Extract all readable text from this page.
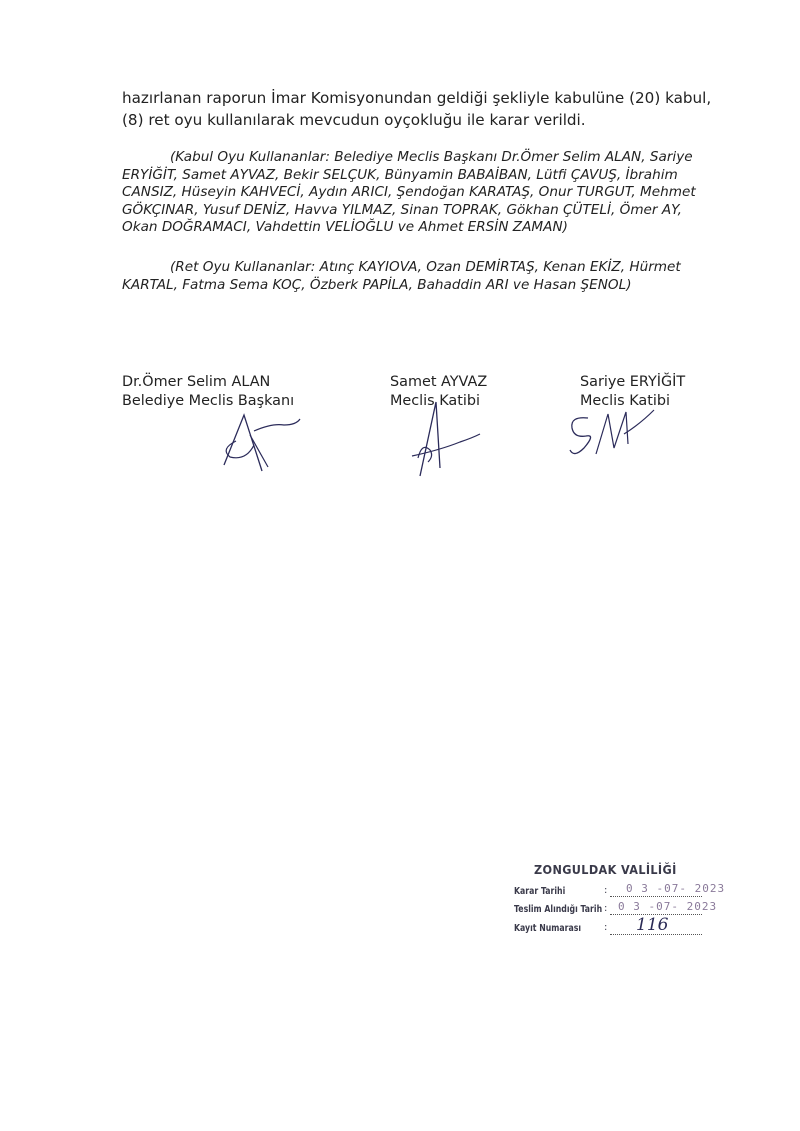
hazırlanan raporun İmar Komisyonundan geldiği şekliyle kabulüne (20) kabul,
(8) ret oyu kullanılarak mevcudun oyçokluğu ile karar verildi.
(Kabul Oyu Kullananlar: Belediye Meclis Başkanı Dr.Ömer Selim ALAN, Sariye
ERYİĞİT, Samet AYVAZ, Bekir SELÇUK, Bünyamin BABAİBAN, Lütfi ÇAVUŞ, İbrahim
CANSIZ, Hüseyin KAHVECİ, Aydın ARICI, Şendoğan KARATAŞ, Onur TURGUT, Mehmet
GÖKÇINAR, Yusuf DENİZ, Havva YILMAZ, Sinan TOPRAK, Gökhan ÇÜTELİ, Ömer AY,
Okan DOĞRAMACI, Vahdettin VELİOĞLU ve Ahmet ERSİN ZAMAN)
(Ret Oyu Kullananlar: Atınç KAYIOVA, Ozan DEMİRTAŞ, Kenan EKİZ, Hürmet
KARTAL, Fatma Sema KOÇ, Özberk PAPİLA, Bahaddin ARI ve Hasan ŞENOL)
Dr.Ömer Selim ALAN
Belediye Meclis Başkanı
Samet AYVAZ
Meclis Katibi
Sariye ERYİĞİT
Meclis Katibi
ZONGULDAK VALİLİĞİ
Karar Tarihi	: 0 3 -07- 2023
Teslim Alındığı Tarih : 0 3 -07- 2023
Kayıt Numarası : 116
